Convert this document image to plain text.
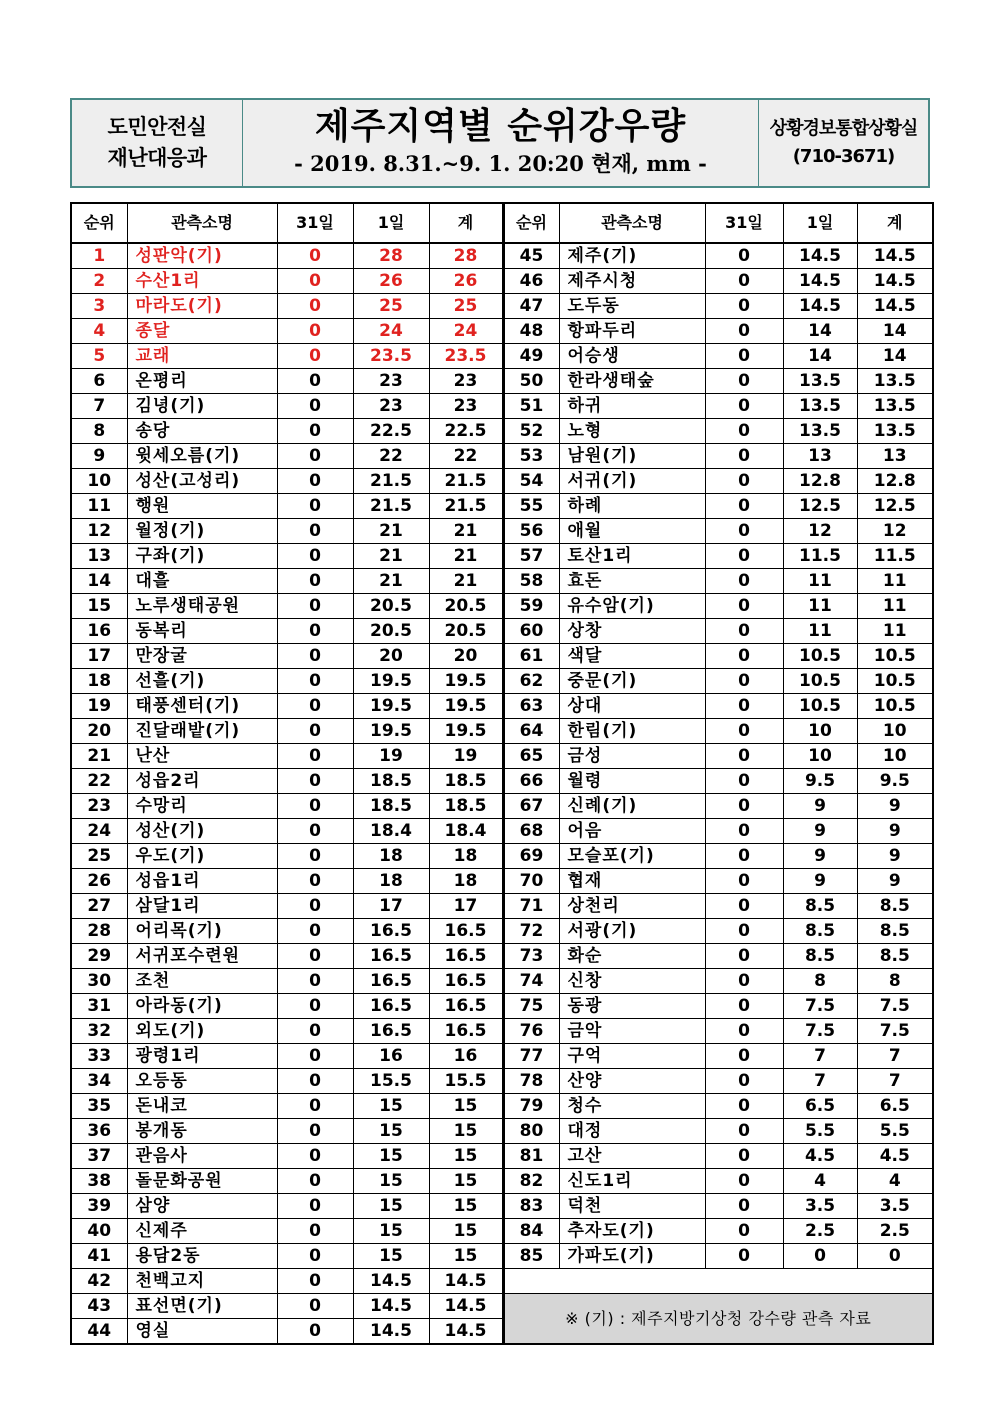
도민안전실
재난대응과
제주지역별 순위강우량
- 2019. 8.31.~9. 1. 20:20 현재, mm -
상황경보통합상황실
(710-3671)
순위	관측소명	31일	1일	계	순위	관측소명	31일	1일	계
1	성판악(기)	0	28	28	45	제주(기)	0	14.5	14.5
2	수산1리	0	26	26	46	제주시청	0	14.5	14.5
3	마라도(기)	0	25	25	47	도두동	0	14.5	14.5
4	종달	0	24	24	48	항파두리	0	14	14
5	교래	0	23.5	23.5	49	어승생	0	14	14
6	온평리	0	23	23	50	한라생태숲	0	13.5	13.5
7	김녕(기)	0	23	23	51	하귀	0	13.5	13.5
8	송당	0	22.5	22.5	52	노형	0	13.5	13.5
9	윗세오름(기)	0	22	22	53	남원(기)	0	13	13
10	성산(고성리)	0	21.5	21.5	54	서귀(기)	0	12.8	12.8
11	행원	0	21.5	21.5	55	하례	0	12.5	12.5
12	월정(기)	0	21	21	56	애월	0	12	12
13	구좌(기)	0	21	21	57	토산1리	0	11.5	11.5
14	대흘	0	21	21	58	효돈	0	11	11
15	노루생태공원	0	20.5	20.5	59	유수암(기)	0	11	11
16	동복리	0	20.5	20.5	60	상창	0	11	11
17	만장굴	0	20	20	61	색달	0	10.5	10.5
18	선흘(기)	0	19.5	19.5	62	중문(기)	0	10.5	10.5
19	태풍센터(기)	0	19.5	19.5	63	상대	0	10.5	10.5
20	진달래밭(기)	0	19.5	19.5	64	한림(기)	0	10	10
21	난산	0	19	19	65	금성	0	10	10
22	성읍2리	0	18.5	18.5	66	월령	0	9.5	9.5
23	수망리	0	18.5	18.5	67	신례(기)	0	9	9
24	성산(기)	0	18.4	18.4	68	어음	0	9	9
25	우도(기)	0	18	18	69	모슬포(기)	0	9	9
26	성읍1리	0	18	18	70	협재	0	9	9
27	삼달1리	0	17	17	71	상천리	0	8.5	8.5
28	어리목(기)	0	16.5	16.5	72	서광(기)	0	8.5	8.5
29	서귀포수련원	0	16.5	16.5	73	화순	0	8.5	8.5
30	조천	0	16.5	16.5	74	신창	0	8	8
31	아라동(기)	0	16.5	16.5	75	동광	0	7.5	7.5
32	외도(기)	0	16.5	16.5	76	금악	0	7.5	7.5
33	광령1리	0	16	16	77	구억	0	7	7
34	오등동	0	15.5	15.5	78	산양	0	7	7
35	돈내코	0	15	15	79	청수	0	6.5	6.5
36	봉개동	0	15	15	80	대정	0	5.5	5.5
37	관음사	0	15	15	81	고산	0	4.5	4.5
38	돌문화공원	0	15	15	82	신도1리	0	4	4
39	삼양	0	15	15	83	덕천	0	3.5	3.5
40	신제주	0	15	15	84	추자도(기)	0	2.5	2.5
41	용담2동	0	15	15	85	가파도(기)	0	0	0
42	천백고지	0	14.5	14.5					
43	표선면(기)	0	14.5	14.5	※ (기) : 제주지방기상청 강수량 관측 자료				
44	영실	0	14.5	14.5					
